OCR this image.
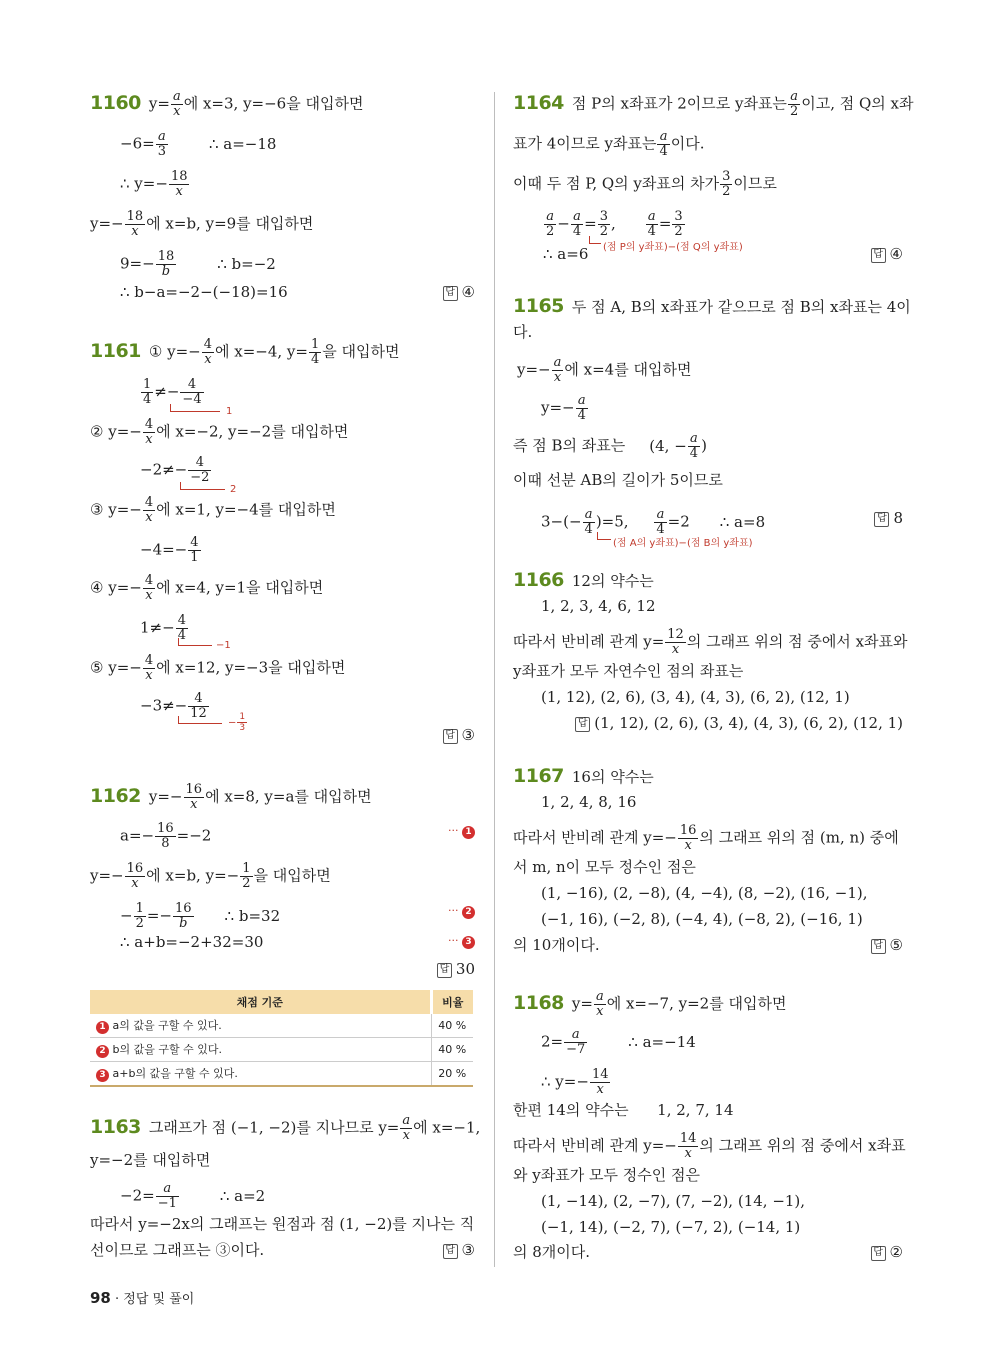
1160 $y= \frac{a}{x}$ 에 x=3, y=−6을 대입하면
$-6= \frac{a}{3}$	∴ a=−18
∴ $y=- \frac{18}{x}$
$y=- \frac{18}{x}$ 에 x=b, y=9를 대입하면
$9=- \frac{18}{b}$	∴ b=−2
∴ b−a=−2−(−18)=16	답 ④
1161 ① $y=- \frac{4}{x}$ 에 x=−4, $y= \frac{1}{4}$ 을 대입하면
$\frac{1}{4} \ne- \frac{4}{-4}$
1
② $y=- \frac{4}{x}$ 에 x=−2, y=−2를 대입하면
$-2\ne- \frac{4}{-2}$
2
③ $y=- \frac{4}{x}$ 에 x=1, y=−4를 대입하면
$-4=- \frac{4}{1}$
④ $y=- \frac{4}{x}$ 에 x=4, y=1을 대입하면
$1\ne- \frac{4}{4}$
−1
⑤ $y=- \frac{4}{x}$ 에 x=12, y=−3을 대입하면
$-3\ne- \frac{4}{12}$
− $\frac{1}{3}$
답 ③
1162 $y=- \frac{16}{x}$ 에 x=8, y=a를 대입하면
$a=- \frac{16}{8} =-2$	··· 1
$y=- \frac{16}{x}$ 에 x=b, $y=- \frac{1}{2}$ 을 대입하면
− $\frac{1}{2} =- \frac{16}{b}$ ∴ b=32	··· 2
∴ a+b=−2+32=30	··· 3
답 30
채점 기준	비율
1 a의 값을 구할 수 있다.	40 %
2 b의 값을 구할 수 있다.	40 %
3 a+b의 값을 구할 수 있다.	20 %
1163 그래프가 점 (−1, −2)를 지나므로 $y= \frac{a}{x}$ 에 x=−1,
y=−2를 대입하면
$-2= \frac{a}{-1}$	∴ a=2
따라서 y=−2x의 그래프는 원점과 점 (1, −2)를 지나는 직
선이므로 그래프는 ③이다.	답 ③
1164 점 P의 x좌표가 2이므로 y좌표는 $\frac{a}{2}$ 이고, 점 Q의 x좌
표가 4이므로 y좌표는 $\frac{a}{4}$ 이다.
이때 두 점 P, Q의 y좌표의 차가 $\frac{3}{2}$ 이므로
$\frac{a}{2} - \frac{a}{4} = \frac{3}{2}$ , $\frac{a}{4} = \frac{3}{2}$
(점 P의 y좌표)−(점 Q의 y좌표)
∴ a=6	답 ④
1165 두 점 A, B의 x좌표가 같으므로 점 B의 x좌표는 4이
다.
$y=- \frac{a}{x}$ 에 x=4를 대입하면
$y=- \frac{a}{4}$
즉 점 B의 좌표는 (4, − $\frac{a}{4}$ )
이때 선분 AB의 길이가 5이므로
$3-(- \frac{a}{4} )=5$, $\frac{a}{4} =2$ ∴ a=8
(점 A의 y좌표)−(점 B의 y좌표)
답 8
1166 12의 약수는
1, 2, 3, 4, 6, 12
따라서 반비례 관계 $y= \frac{12}{x}$ 의 그래프 위의 점 중에서 x좌표와
y좌표가 모두 자연수인 점의 좌표는
(1, 12), (2, 6), (3, 4), (4, 3), (6, 2), (12, 1)
답 (1, 12), (2, 6), (3, 4), (4, 3), (6, 2), (12, 1)
1167 16의 약수는
1, 2, 4, 8, 16
따라서 반비례 관계 $y=- \frac{16}{x}$ 의 그래프 위의 점 (m, n) 중에
서 m, n이 모두 정수인 점은
(1, −16), (2, −8), (4, −4), (8, −2), (16, −1),
(−1, 16), (−2, 8), (−4, 4), (−8, 2), (−16, 1)
의 10개이다.	답 ⑤
1168 $y= \frac{a}{x}$ 에 x=−7, y=2를 대입하면
$2= \frac{a}{-7}$	∴ a=−14
∴ $y=- \frac{14}{x}$
한편 14의 약수는      1, 2, 7, 14
따라서 반비례 관계 $y=- \frac{14}{x}$ 의 그래프 위의 점 중에서 x좌표
와 y좌표가 모두 정수인 점은
(1, −14), (2, −7), (7, −2), (14, −1),
(−1, 14), (−2, 7), (−7, 2), (−14, 1)
의 8개이다.	답 ②
98 · 정답 및 풀이
